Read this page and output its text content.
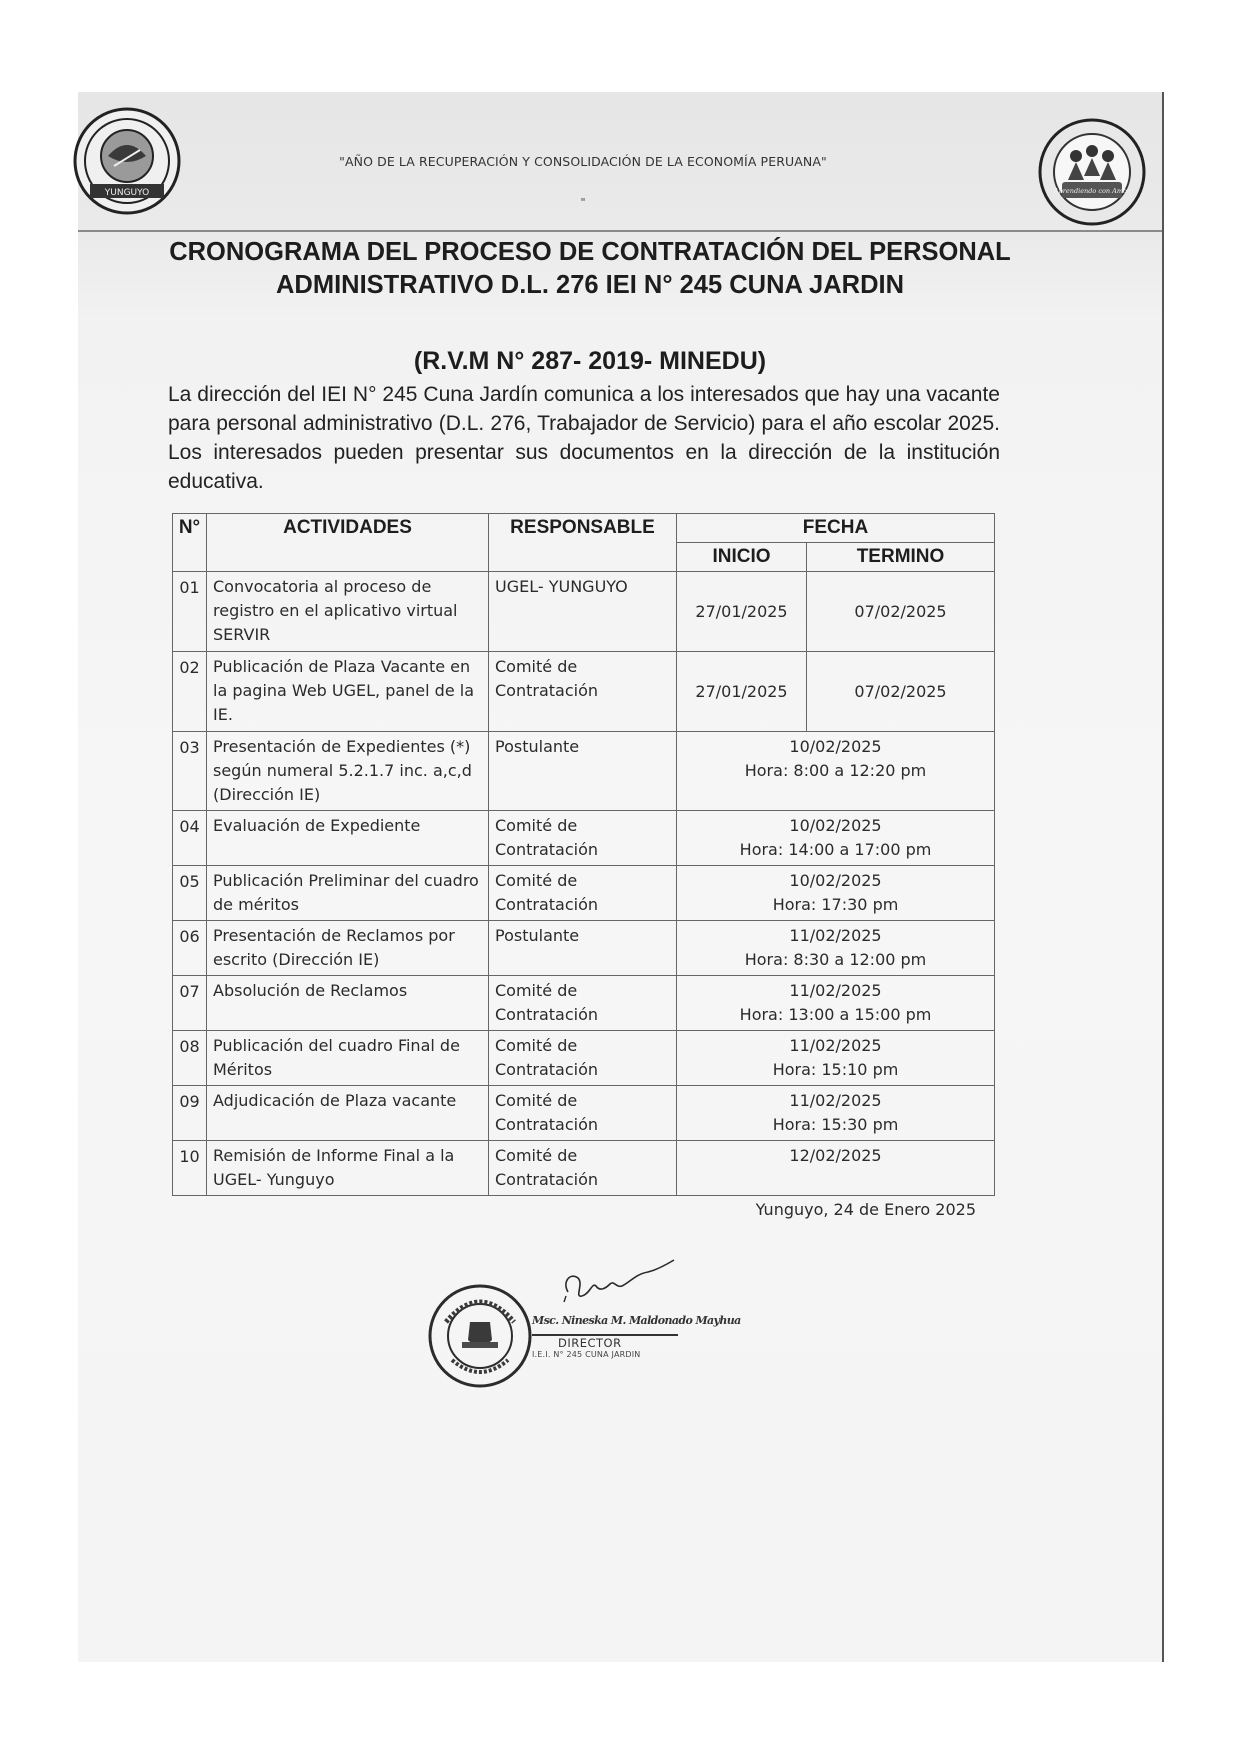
YUNGUYO
"AÑO DE LA RECUPERACIÓN Y CONSOLIDACIÓN DE LA ECONOMÍA PERUANA"
"
Aprendiendo con Amor
CRONOGRAMA DEL PROCESO DE CONTRATACIÓN DEL PERSONAL ADMINISTRATIVO D.L. 276 IEI N° 245 CUNA JARDIN
(R.V.M N° 287- 2019- MINEDU)
La dirección del IEI N° 245 Cuna Jardín comunica a los interesados que hay una vacante para personal administrativo (D.L. 276, Trabajador de Servicio) para el año escolar 2025. Los interesados pueden presentar sus documentos en la dirección de la institución educativa.
N°	ACTIVIDADES	RESPONSABLE	FECHA	
			INICIO	TERMINO
01	Convocatoria al proceso de registro en el aplicativo virtual SERVIR	UGEL- YUNGUYO	27/01/2025	07/02/2025
02	Publicación de Plaza Vacante en la pagina Web UGEL, panel de la IE.	Comité de Contratación	27/01/2025	07/02/2025
03	Presentación de Expedientes (*) según numeral 5.2.1.7 inc. a,c,d (Dirección IE)	Postulante	10/02/2025
Hora: 8:00 a 12:20 pm	

04	Evaluación de Expediente	Comité de Contratación	10/02/2025
Hora: 14:00 a 17:00 pm	

05	Publicación Preliminar del cuadro de méritos	Comité de Contratación	10/02/2025
Hora: 17:30 pm	

06	Presentación de Reclamos por escrito (Dirección IE)	Postulante	11/02/2025
Hora: 8:30 a 12:00 pm	

07	Absolución de Reclamos	Comité de Contratación	11/02/2025
Hora: 13:00 a 15:00 pm	

08	Publicación del cuadro Final de Méritos	Comité de Contratación	11/02/2025
Hora: 15:10 pm	

09	Adjudicación de Plaza vacante	Comité de Contratación	11/02/2025
Hora: 15:30 pm	

10	Remisión de Informe Final a la UGEL- Yunguyo	Comité de Contratación	12/02/2025	
Yunguyo, 24 de Enero 2025
Msc. Nineska M. Maldonado Mayhua
DIRECTOR
I.E.I. N° 245 CUNA JARDIN
